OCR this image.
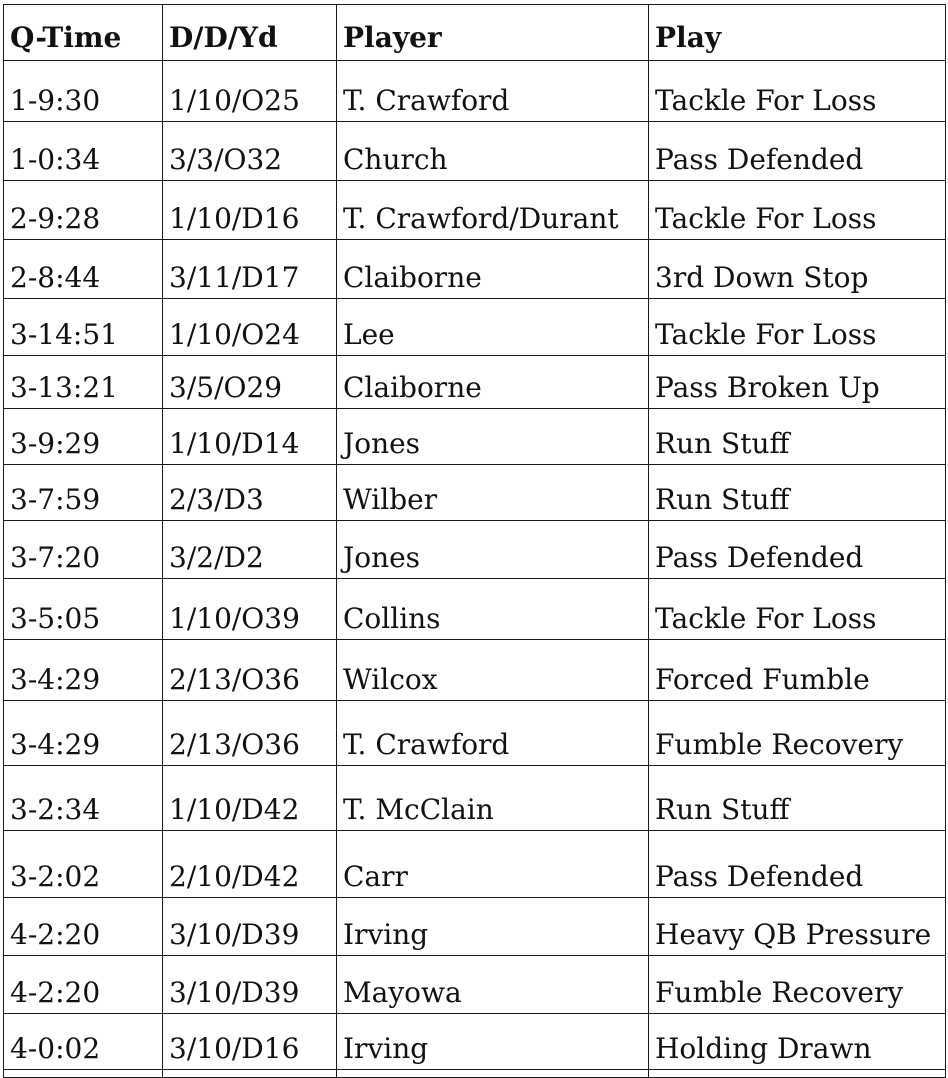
Q-Time	D/D/Yd	Player	Play
1-9:30	1/10/O25	T. Crawford	Tackle For Loss
1-0:34	3/3/O32	Church	Pass Defended
2-9:28	1/10/D16	T. Crawford/Durant	Tackle For Loss
2-8:44	3/11/D17	Claiborne	3rd Down Stop
3-14:51	1/10/O24	Lee	Tackle For Loss
3-13:21	3/5/O29	Claiborne	Pass Broken Up
3-9:29	1/10/D14	Jones	Run Stuff
3-7:59	2/3/D3	Wilber	Run Stuff
3-7:20	3/2/D2	Jones	Pass Defended
3-5:05	1/10/O39	Collins	Tackle For Loss
3-4:29	2/13/O36	Wilcox	Forced Fumble
3-4:29	2/13/O36	T. Crawford	Fumble Recovery
3-2:34	1/10/D42	T. McClain	Run Stuff
3-2:02	2/10/D42	Carr	Pass Defended
4-2:20	3/10/D39	Irving	Heavy QB Pressure
4-2:20	3/10/D39	Mayowa	Fumble Recovery
4-0:02	3/10/D16	Irving	Holding Drawn
